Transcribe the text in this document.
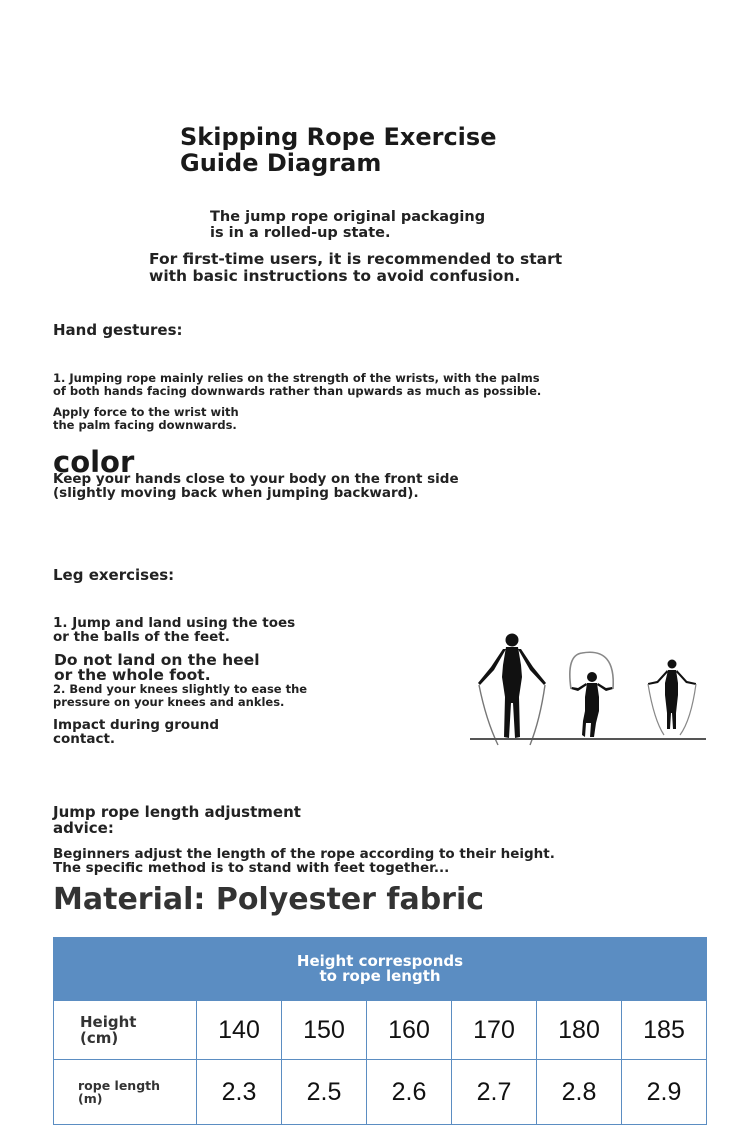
Skipping Rope Exercise
Guide Diagram
The jump rope original packaging
is in a rolled-up state.
For first-time users, it is recommended to start
with basic instructions to avoid confusion.
Hand gestures:
1. Jumping rope mainly relies on the strength of the wrists, with the palms
of both hands facing downwards rather than upwards as much as possible.
Apply force to the wrist with
the palm facing downwards.
color
Keep your hands close to your body on the front side
(slightly moving back when jumping backward).
Leg exercises:
1. Jump and land using the toes
or the balls of the feet.
Do not land on the heel
or the whole foot.
2. Bend your knees slightly to ease the
pressure on your knees and ankles.
Impact during ground
contact.
Jump rope length adjustment
advice:
Beginners adjust the length of the rope according to their height.
The specific method is to stand with feet together...
Material: Polyester fabric
Height corresponds
to rope length						
Height
(cm)	140	150	160	170	180	185
rope length
(m)	2.3	2.5	2.6	2.7	2.8	2.9
